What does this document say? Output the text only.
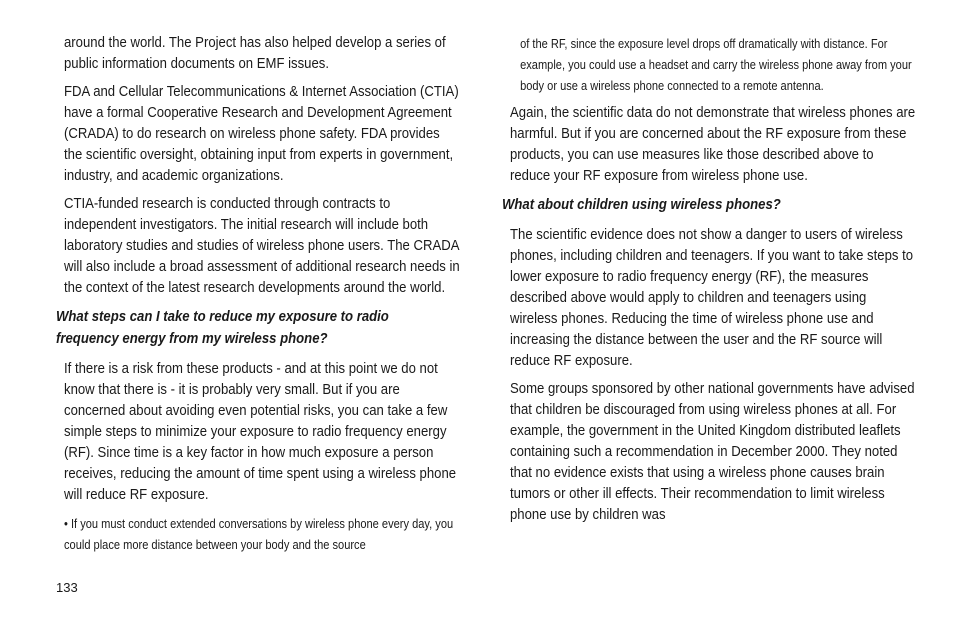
around the world. The Project has also helped develop a series of public information documents on EMF issues.

FDA and Cellular Telecommunications & Internet Association (CTIA) have a formal Cooperative Research and Development Agreement (CRADA) to do research on wireless phone safety. FDA provides the scientific oversight, obtaining input from experts in government, industry, and academic organizations.

CTIA-funded research is conducted through contracts to independent investigators. The initial research will include both laboratory studies and studies of wireless phone users. The CRADA will also include a broad assessment of additional research needs in the context of the latest research developments around the world.

What steps can I take to reduce my exposure to radio frequency energy from my wireless phone?

If there is a risk from these products - and at this point we do not know that there is - it is probably very small. But if you are concerned about avoiding even potential risks, you can take a few simple steps to minimize your exposure to radio frequency energy (RF). Since time is a key factor in how much exposure a person receives, reducing the amount of time spent using a wireless phone will reduce RF exposure.

• If you must conduct extended conversations by wireless phone every day, you could place more distance between your body and the source

of the RF, since the exposure level drops off dramatically with distance. For example, you could use a headset and carry the wireless phone away from your body or use a wireless phone connected to a remote antenna.

Again, the scientific data do not demonstrate that wireless phones are harmful. But if you are concerned about the RF exposure from these products, you can use measures like those described above to reduce your RF exposure from wireless phone use.

What about children using wireless phones?

The scientific evidence does not show a danger to users of wireless phones, including children and teenagers. If you want to take steps to lower exposure to radio frequency energy (RF), the measures described above would apply to children and teenagers using wireless phones. Reducing the time of wireless phone use and increasing the distance between the user and the RF source will reduce RF exposure.

Some groups sponsored by other national governments have advised that children be discouraged from using wireless phones at all. For example, the government in the United Kingdom distributed leaflets containing such a recommendation in December 2000. They noted that no evidence exists that using a wireless phone causes brain tumors or other ill effects. Their recommendation to limit wireless phone use by children was

133
